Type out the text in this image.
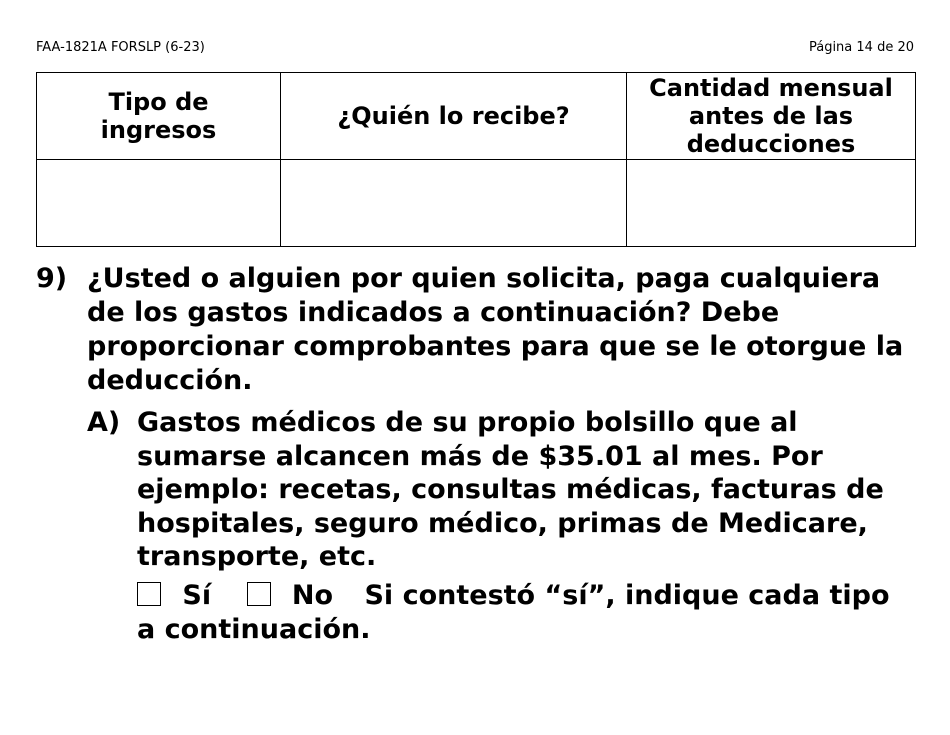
FAA-1821A FORSLP (6-23)	Página 14 de 20
Tipo de ingresos	¿Quién lo recibe?	Cantidad mensual antes de las deducciones

9) ¿Usted o alguien por quien solicita, paga cualquiera de los gastos indicados a continuación? Debe proporcionar comprobantes para que se le otorgue la deducción.
A) Gastos médicos de su propio bolsillo que al sumarse alcancen más de $35.01 al mes. Por ejemplo: recetas, consultas médicas, facturas de hospitales, seguro médico, primas de Medicare, transporte, etc.
Sí	No Si contestó “sí”, indique cada tipo a continuación.
